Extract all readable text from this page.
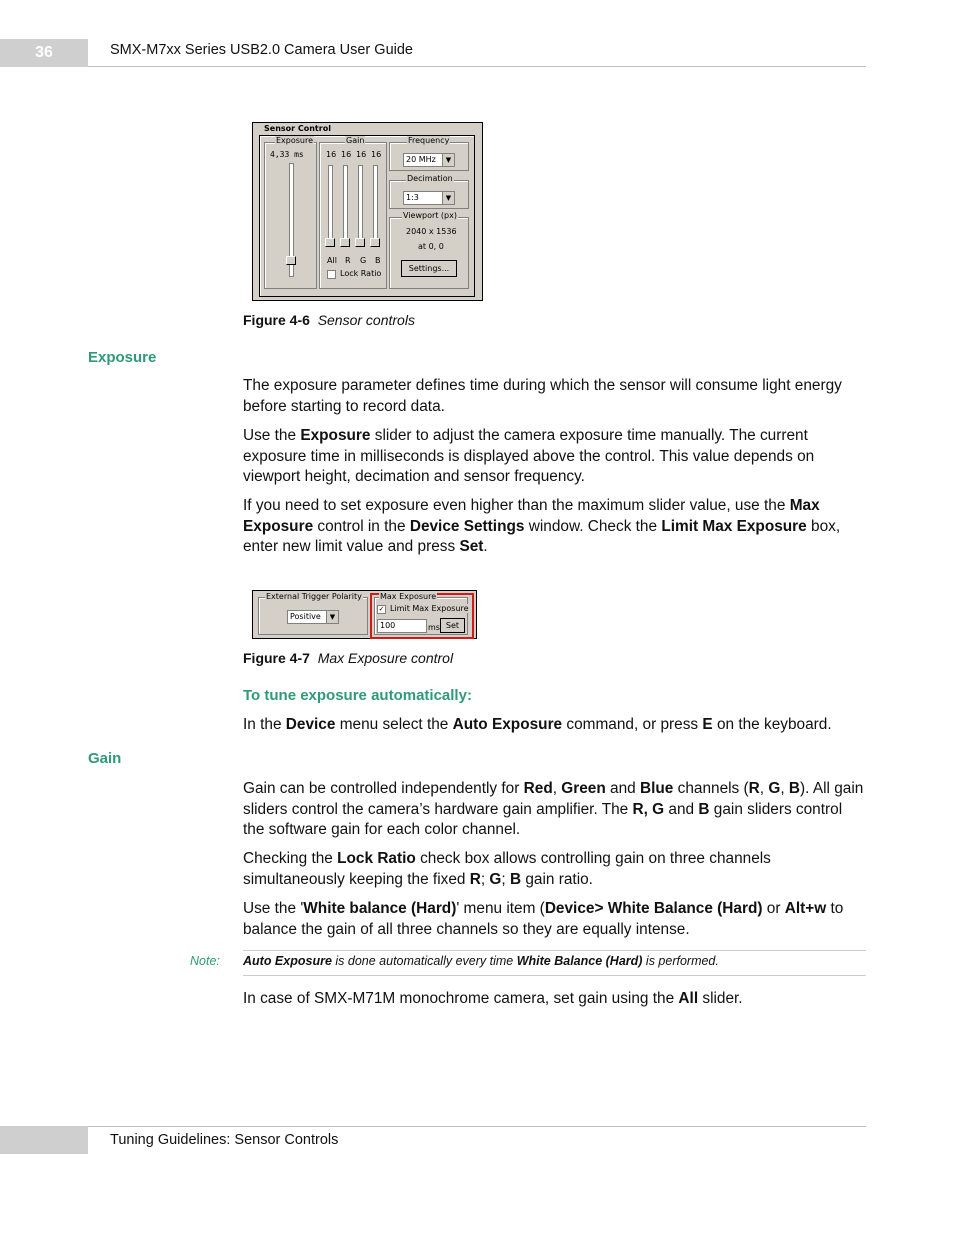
36	SMX-M7xx Series USB2.0 Camera User Guide
Sensor Control
Exposure
4,33 ms
Gain
16 16 16 16
All R G B
Lock Ratio
Frequency
20 MHz	▼
Decimation
1:3	▼
Viewport (px)
2040 x 1536
at 0, 0
Settings...
Figure 4-6 Sensor controls
Exposure
The exposure parameter defines time during which the sensor will consume light energy before starting to record data.
Use the Exposure slider to adjust the camera exposure time manually. The current exposure time in milliseconds is displayed above the control. This value depends on viewport height, decimation and sensor frequency.
If you need to set exposure even higher than the maximum slider value, use the Max Exposure control in the Device Settings window. Check the Limit Max Exposure box, enter new limit value and press Set.
External Trigger Polarity
Positive	▼
Max Exposure
✓ Limit Max Exposure
100	ms Set
Figure 4-7 Max Exposure control
To tune exposure automatically:
In the Device menu select the Auto Exposure command, or press E on the keyboard.
Gain
Gain can be controlled independently for Red, Green and Blue channels (R, G, B). All gain sliders control the camera’s hardware gain amplifier. The R, G and B gain sliders control the software gain for each color channel.
Checking the Lock Ratio check box allows controlling gain on three channels simultaneously keeping the fixed R; G; B gain ratio.
Use the 'White balance (Hard)' menu item (Device> White Balance (Hard) or Alt+w to balance the gain of all three channels so they are equally intense.
Note: Auto Exposure is done automatically every time White Balance (Hard) is performed.
In case of SMX-M71M monochrome camera, set gain using the All slider.
Tuning Guidelines: Sensor Controls
